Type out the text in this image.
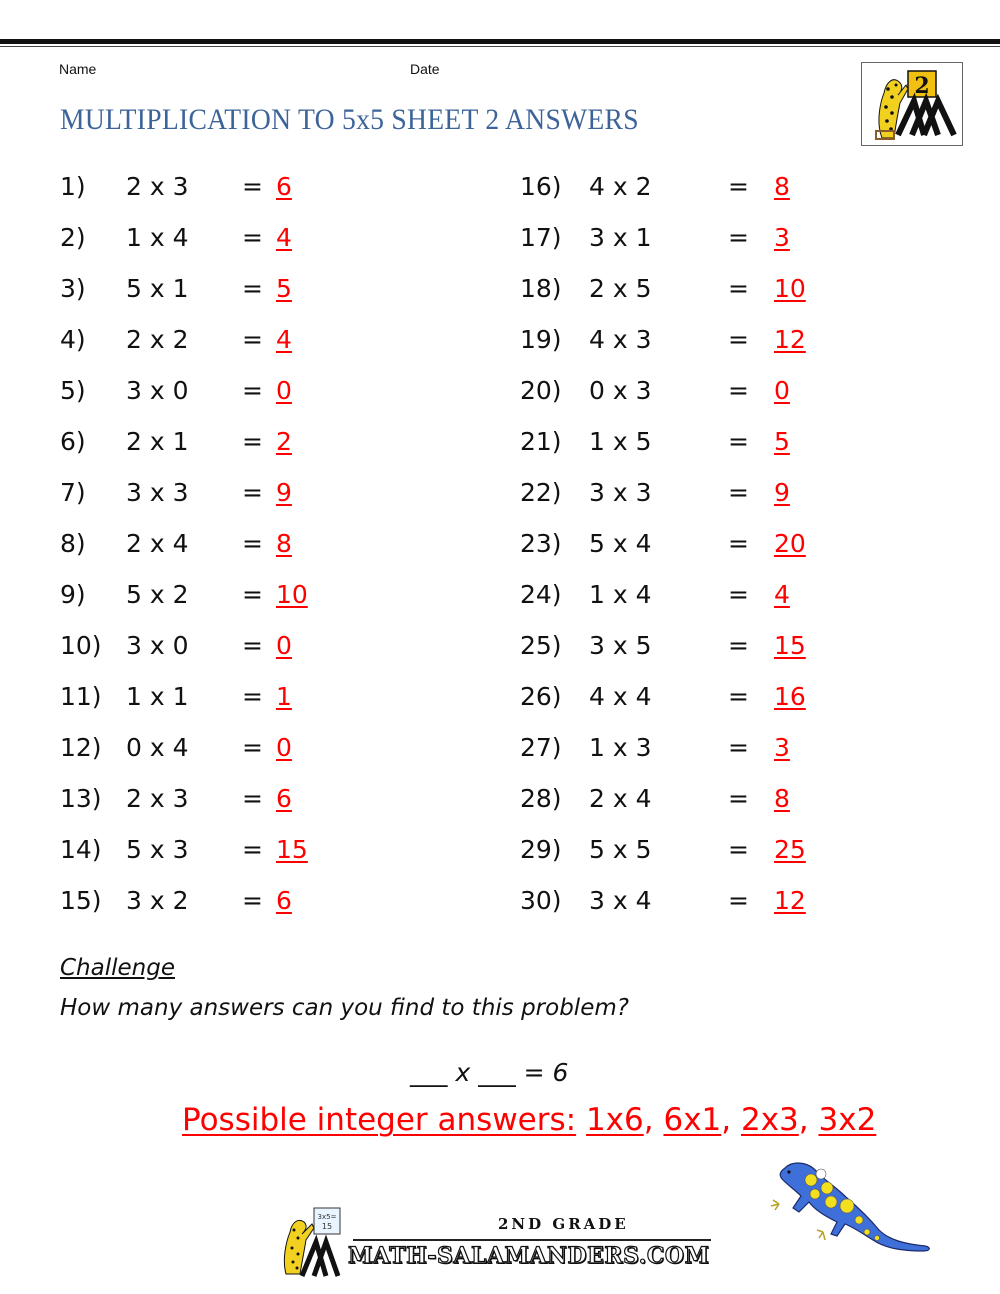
Name	Date
MULTIPLICATION TO 5x5 SHEET 2 ANSWERS
2
1) 2 x 3 = 6
2) 1 x 4 = 4
3) 5 x 1 = 5
4) 2 x 2 = 4
5) 3 x 0 = 0
6) 2 x 1 = 2
7) 3 x 3 = 9
8) 2 x 4 = 8
9) 5 x 2 = 10
10) 3 x 0 = 0
11) 1 x 1 = 1
12) 0 x 4 = 0
13) 2 x 3 = 6
14) 5 x 3 = 15
15) 3 x 2 = 6
16) 4 x 2	= 8
17) 3 x 1	= 3
18) 2 x 5	= 10
19) 4 x 3	= 12
20) 0 x 3	= 0
21) 1 x 5	= 5
22) 3 x 3	= 9
23) 5 x 4	= 20
24) 1 x 4	= 4
25) 3 x 5	= 15
26) 4 x 4	= 16
27) 1 x 3	= 3
28) 2 x 4	= 8
29) 5 x 5	= 25
30) 3 x 4	= 12
Challenge
How many answers can you find to this problem?
___ x ___ = 6
Possible integer answers: 1x6, 6x1, 2x3, 3x2
3x5=
15	2ND GRADE
MATH-SALAMANDERS.COM
